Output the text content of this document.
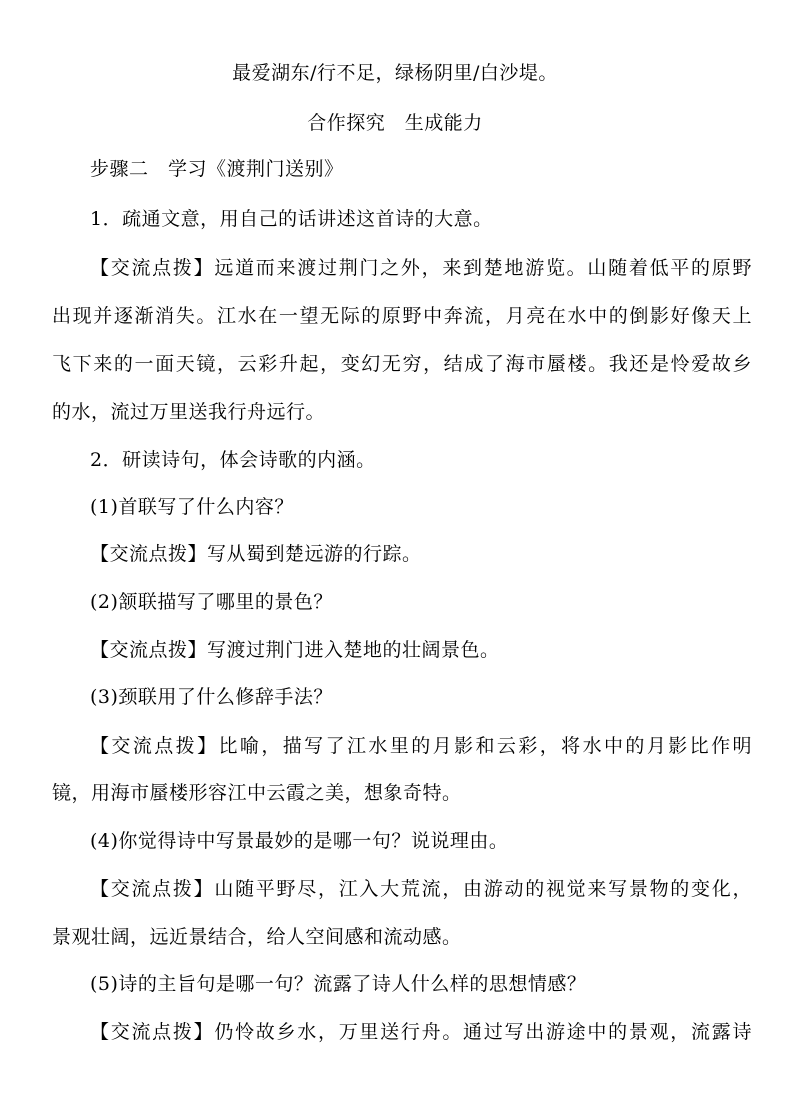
最爱湖东/行不足，绿杨阴里/白沙堤。
合作探究　生成能力
步骤二　学习《渡荆门送别》
1．疏通文意，用自己的话讲述这首诗的大意。
【交流点拨】远道而来渡过荆门之外，来到楚地游览。山随着低平的原野
出现并逐渐消失。江水在一望无际的原野中奔流，月亮在水中的倒影好像天上
飞下来的一面天镜，云彩升起，变幻无穷，结成了海市蜃楼。我还是怜爱故乡
的水，流过万里送我行舟远行。
2．研读诗句，体会诗歌的内涵。
(1)首联写了什么内容？
【交流点拨】写从蜀到楚远游的行踪。
(2)颔联描写了哪里的景色？
【交流点拨】写渡过荆门进入楚地的壮阔景色。
(3)颈联用了什么修辞手法？
【交流点拨】比喻，描写了江水里的月影和云彩，将水中的月影比作明
镜，用海市蜃楼形容江中云霞之美，想象奇特。
(4)你觉得诗中写景最妙的是哪一句？说说理由。
【交流点拨】山随平野尽，江入大荒流，由游动的视觉来写景物的变化，
景观壮阔，远近景结合，给人空间感和流动感。
(5)诗的主旨句是哪一句？流露了诗人什么样的思想情感？
【交流点拨】仍怜故乡水，万里送行舟。通过写出游途中的景观，流露诗
